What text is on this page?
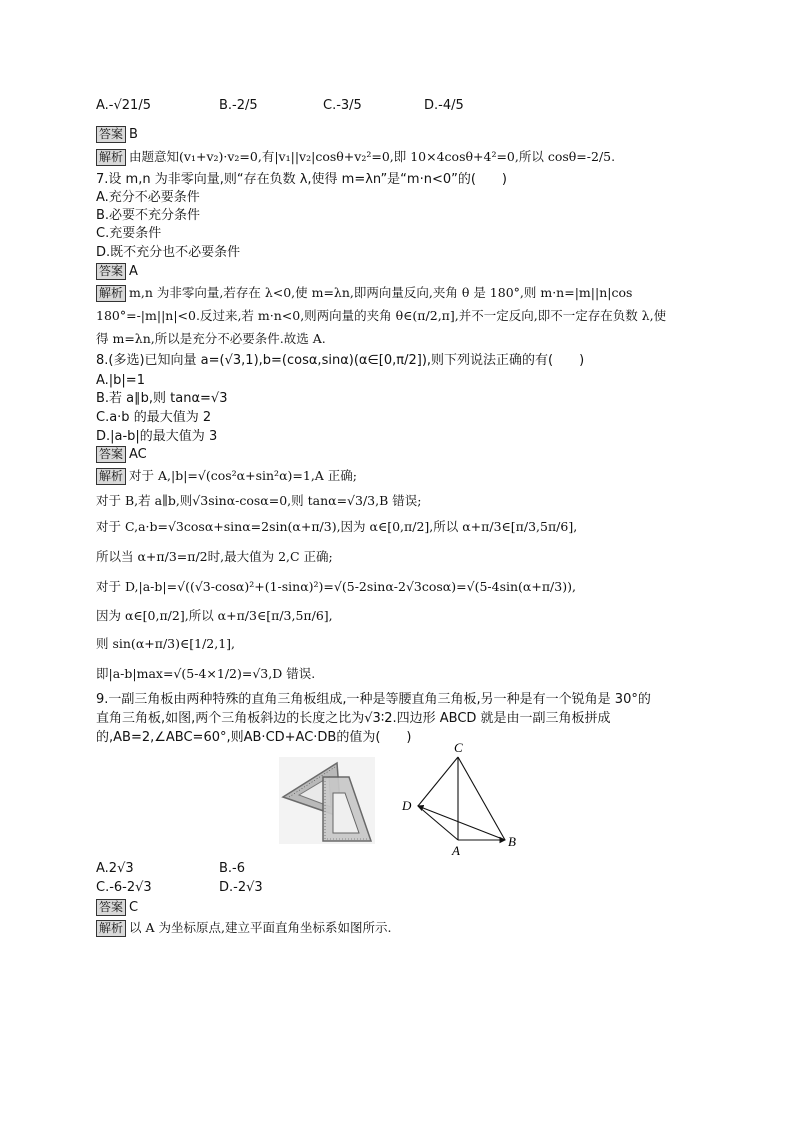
A.-√21/5	B.-2/5	C.-3/5	D.-4/5
答案 B
解析 由题意知(v₁+v₂)·v₂=0,有|v₁||v₂|cosθ+v₂²=0,即 10×4cosθ+4²=0,所以 cosθ=-2/5.
7.设 m,n 为非零向量,则“存在负数 λ,使得 m=λn”是“m·n<0”的(　　)
A.充分不必要条件
B.必要不充分条件
C.充要条件
D.既不充分也不必要条件
答案 A
解析 m,n 为非零向量,若存在 λ<0,使 m=λn,即两向量反向,夹角 θ 是 180°,则 m·n=|m||n|cos
180°=-|m||n|<0.反过来,若 m·n<0,则两向量的夹角 θ∈(π/2,π],并不一定反向,即不一定存在负数 λ,使
得 m=λn,所以是充分不必要条件.故选 A.
8.(多选)已知向量 a=(√3,1),b=(cosα,sinα)(α∈[0,π/2]),则下列说法正确的有(　　)
A.|b|=1
B.若 a∥b,则 tanα=√3
C.a·b 的最大值为 2
D.|a-b|的最大值为 3
答案 AC
解析 对于 A,|b|=√(cos²α+sin²α)=1,A 正确;
对于 B,若 a∥b,则√3sinα-cosα=0,则 tanα=√3/3,B 错误;
对于 C,a·b=√3cosα+sinα=2sin(α+π/3),因为 α∈[0,π/2],所以 α+π/3∈[π/3,5π/6],
所以当 α+π/3=π/2时,最大值为 2,C 正确;
对于 D,|a-b|=√((√3-cosα)²+(1-sinα)²)=√(5-2sinα-2√3cosα)=√(5-4sin(α+π/3)),
因为 α∈[0,π/2],所以 α+π/3∈[π/3,5π/6],
则 sin(α+π/3)∈[1/2,1],
即|a-b|max=√(5-4×1/2)=√3,D 错误.
9.一副三角板由两种特殊的直角三角板组成,一种是等腰直角三角板,另一种是有一个锐角是 30°的
直角三角板,如图,两个三角板斜边的长度之比为√3∶2.四边形 ABCD 就是由一副三角板拼成
的,AB=2,∠ABC=60°,则AB·CD+AC·DB的值为(　　)
C
D
A
B
A.2√3	B.-6
C.-6-2√3	D.-2√3
答案 C
解析 以 A 为坐标原点,建立平面直角坐标系如图所示.
